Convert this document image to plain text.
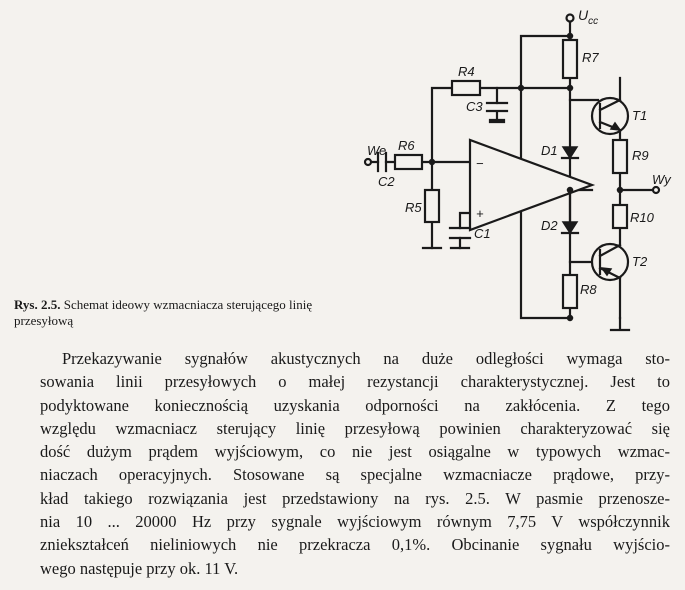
$U_{cc}$
−
+
R7
R4
R6
R5
R9
R10
R8
C2
C3
C1
D1
D2
T1
T2
We
Wy
Rys. 2.5. Schemat ideowy wzmacniacza sterującego linię przesyłową
Przekazywanie sygnałów akustycznych na duże odległości wymaga sto-
sowania linii przesyłowych o małej rezystancji charakterystycznej. Jest to
podyktowane koniecznością uzyskania odporności na zakłócenia. Z tego
względu wzmacniacz sterujący linię przesyłową powinien charakteryzować się
dość dużym prądem wyjściowym, co nie jest osiągalne w typowych wzmac-
niaczach operacyjnych. Stosowane są specjalne wzmacniacze prądowe, przy-
kład takiego rozwiązania jest przedstawiony na rys. 2.5. W pasmie przenosze-
nia 10 ... 20000 Hz przy sygnale wyjściowym równym 7,75 V współczynnik
zniekształceń nieliniowych nie przekracza 0,1%. Obcinanie sygnału wyjścio-
wego następuje przy ok. 11 V.
